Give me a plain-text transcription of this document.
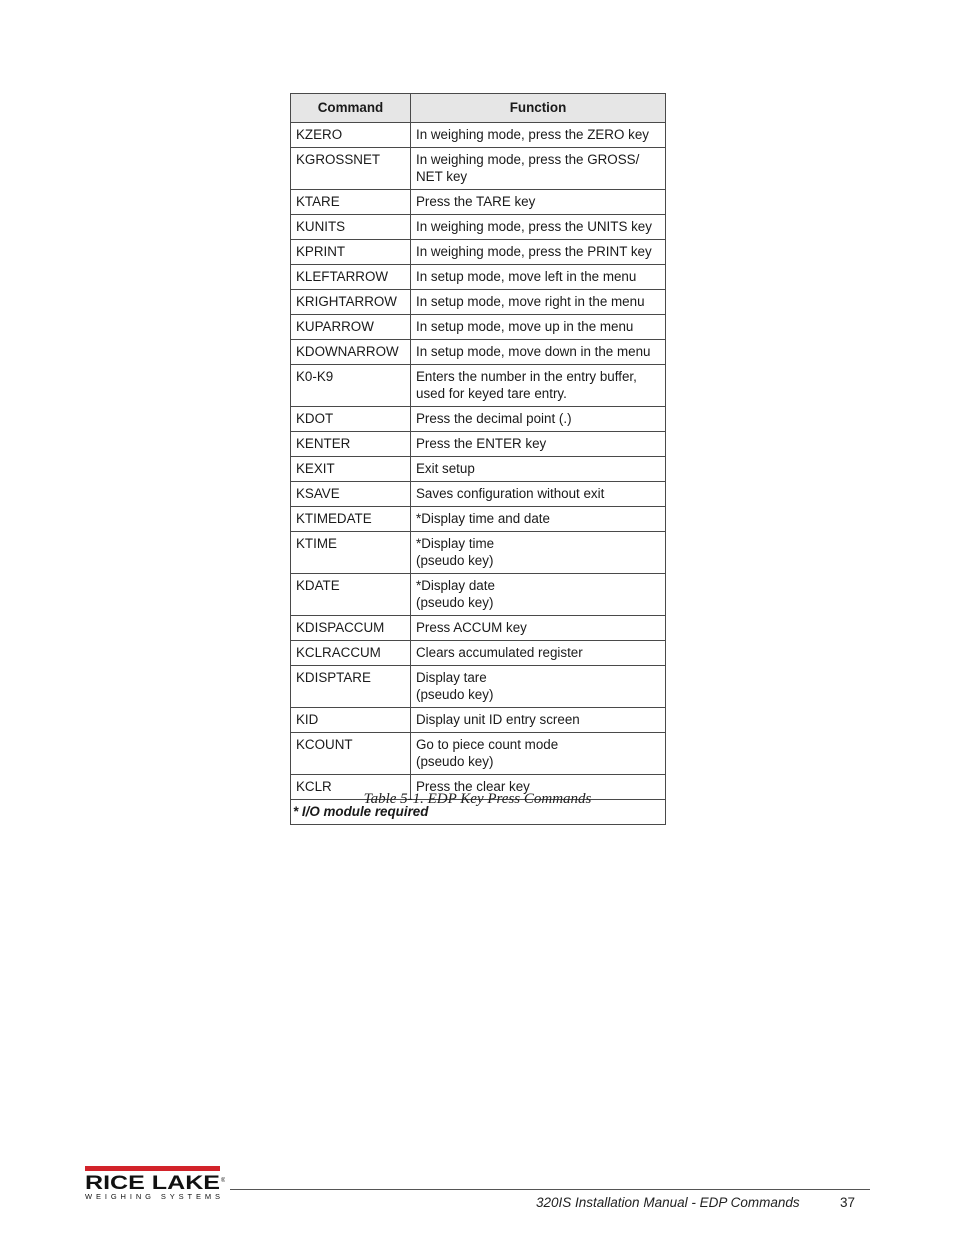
Command	Function
KZERO	In weighing mode, press the ZERO key
KGROSSNET	In weighing mode, press the GROSS/
NET key
KTARE	Press the TARE key
KUNITS	In weighing mode, press the UNITS key
KPRINT	In weighing mode, press the PRINT key
KLEFTARROW	In setup mode, move left in the menu
KRIGHTARROW	In setup mode, move right in the menu
KUPARROW	In setup mode, move up in the menu
KDOWNARROW	In setup mode, move down in the menu
K0-K9	Enters the number in the entry buffer,
used for keyed tare entry.
KDOT	Press the decimal point (.)
KENTER	Press the ENTER key
KEXIT	Exit setup
KSAVE	Saves configuration without exit
KTIMEDATE	*Display time and date
KTIME	*Display time
(pseudo key)
KDATE	*Display date
(pseudo key)
KDISPACCUM	Press ACCUM key
KCLRACCUM	Clears accumulated register
KDISPTARE	Display tare
(pseudo key)
KID	Display unit ID entry screen
KCOUNT	Go to piece count mode
(pseudo key)
KCLR	Press the clear key
* I/O module required	
Table 5-1. EDP Key Press Commands
RICE LAKE ®
WEIGHING SYSTEMS	320IS Installation Manual - EDP Commands	37
